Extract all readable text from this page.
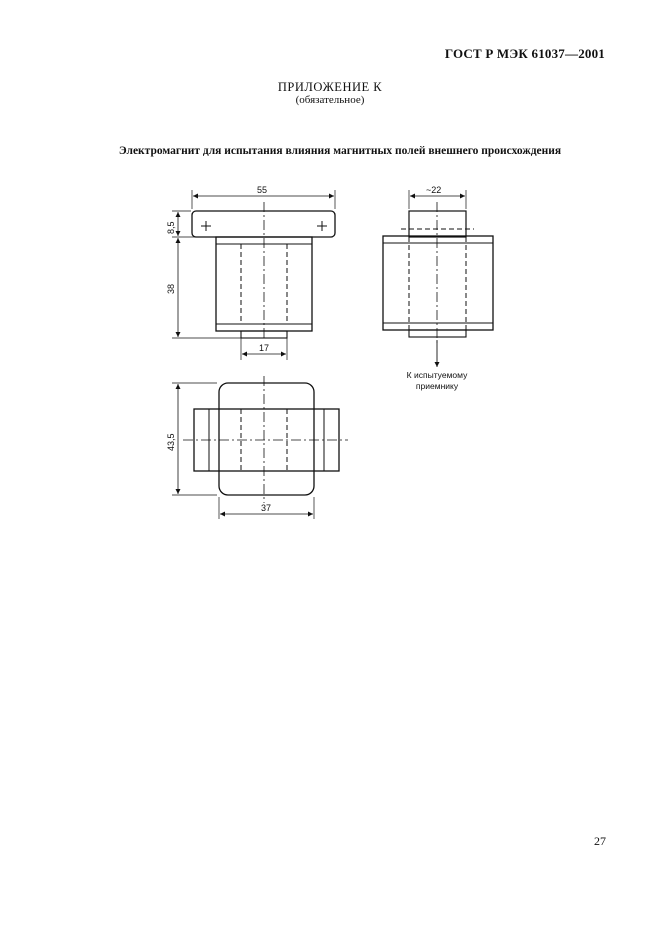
ГОСТ Р МЭК 61037—2001
ПРИЛОЖЕНИЕ К
(обязательное)
Электромагнит для испытания влияния магнитных полей внешнего происхождения
55
8,5
38
17
~22
К испытуемому
приемнику
43,5
37
27
